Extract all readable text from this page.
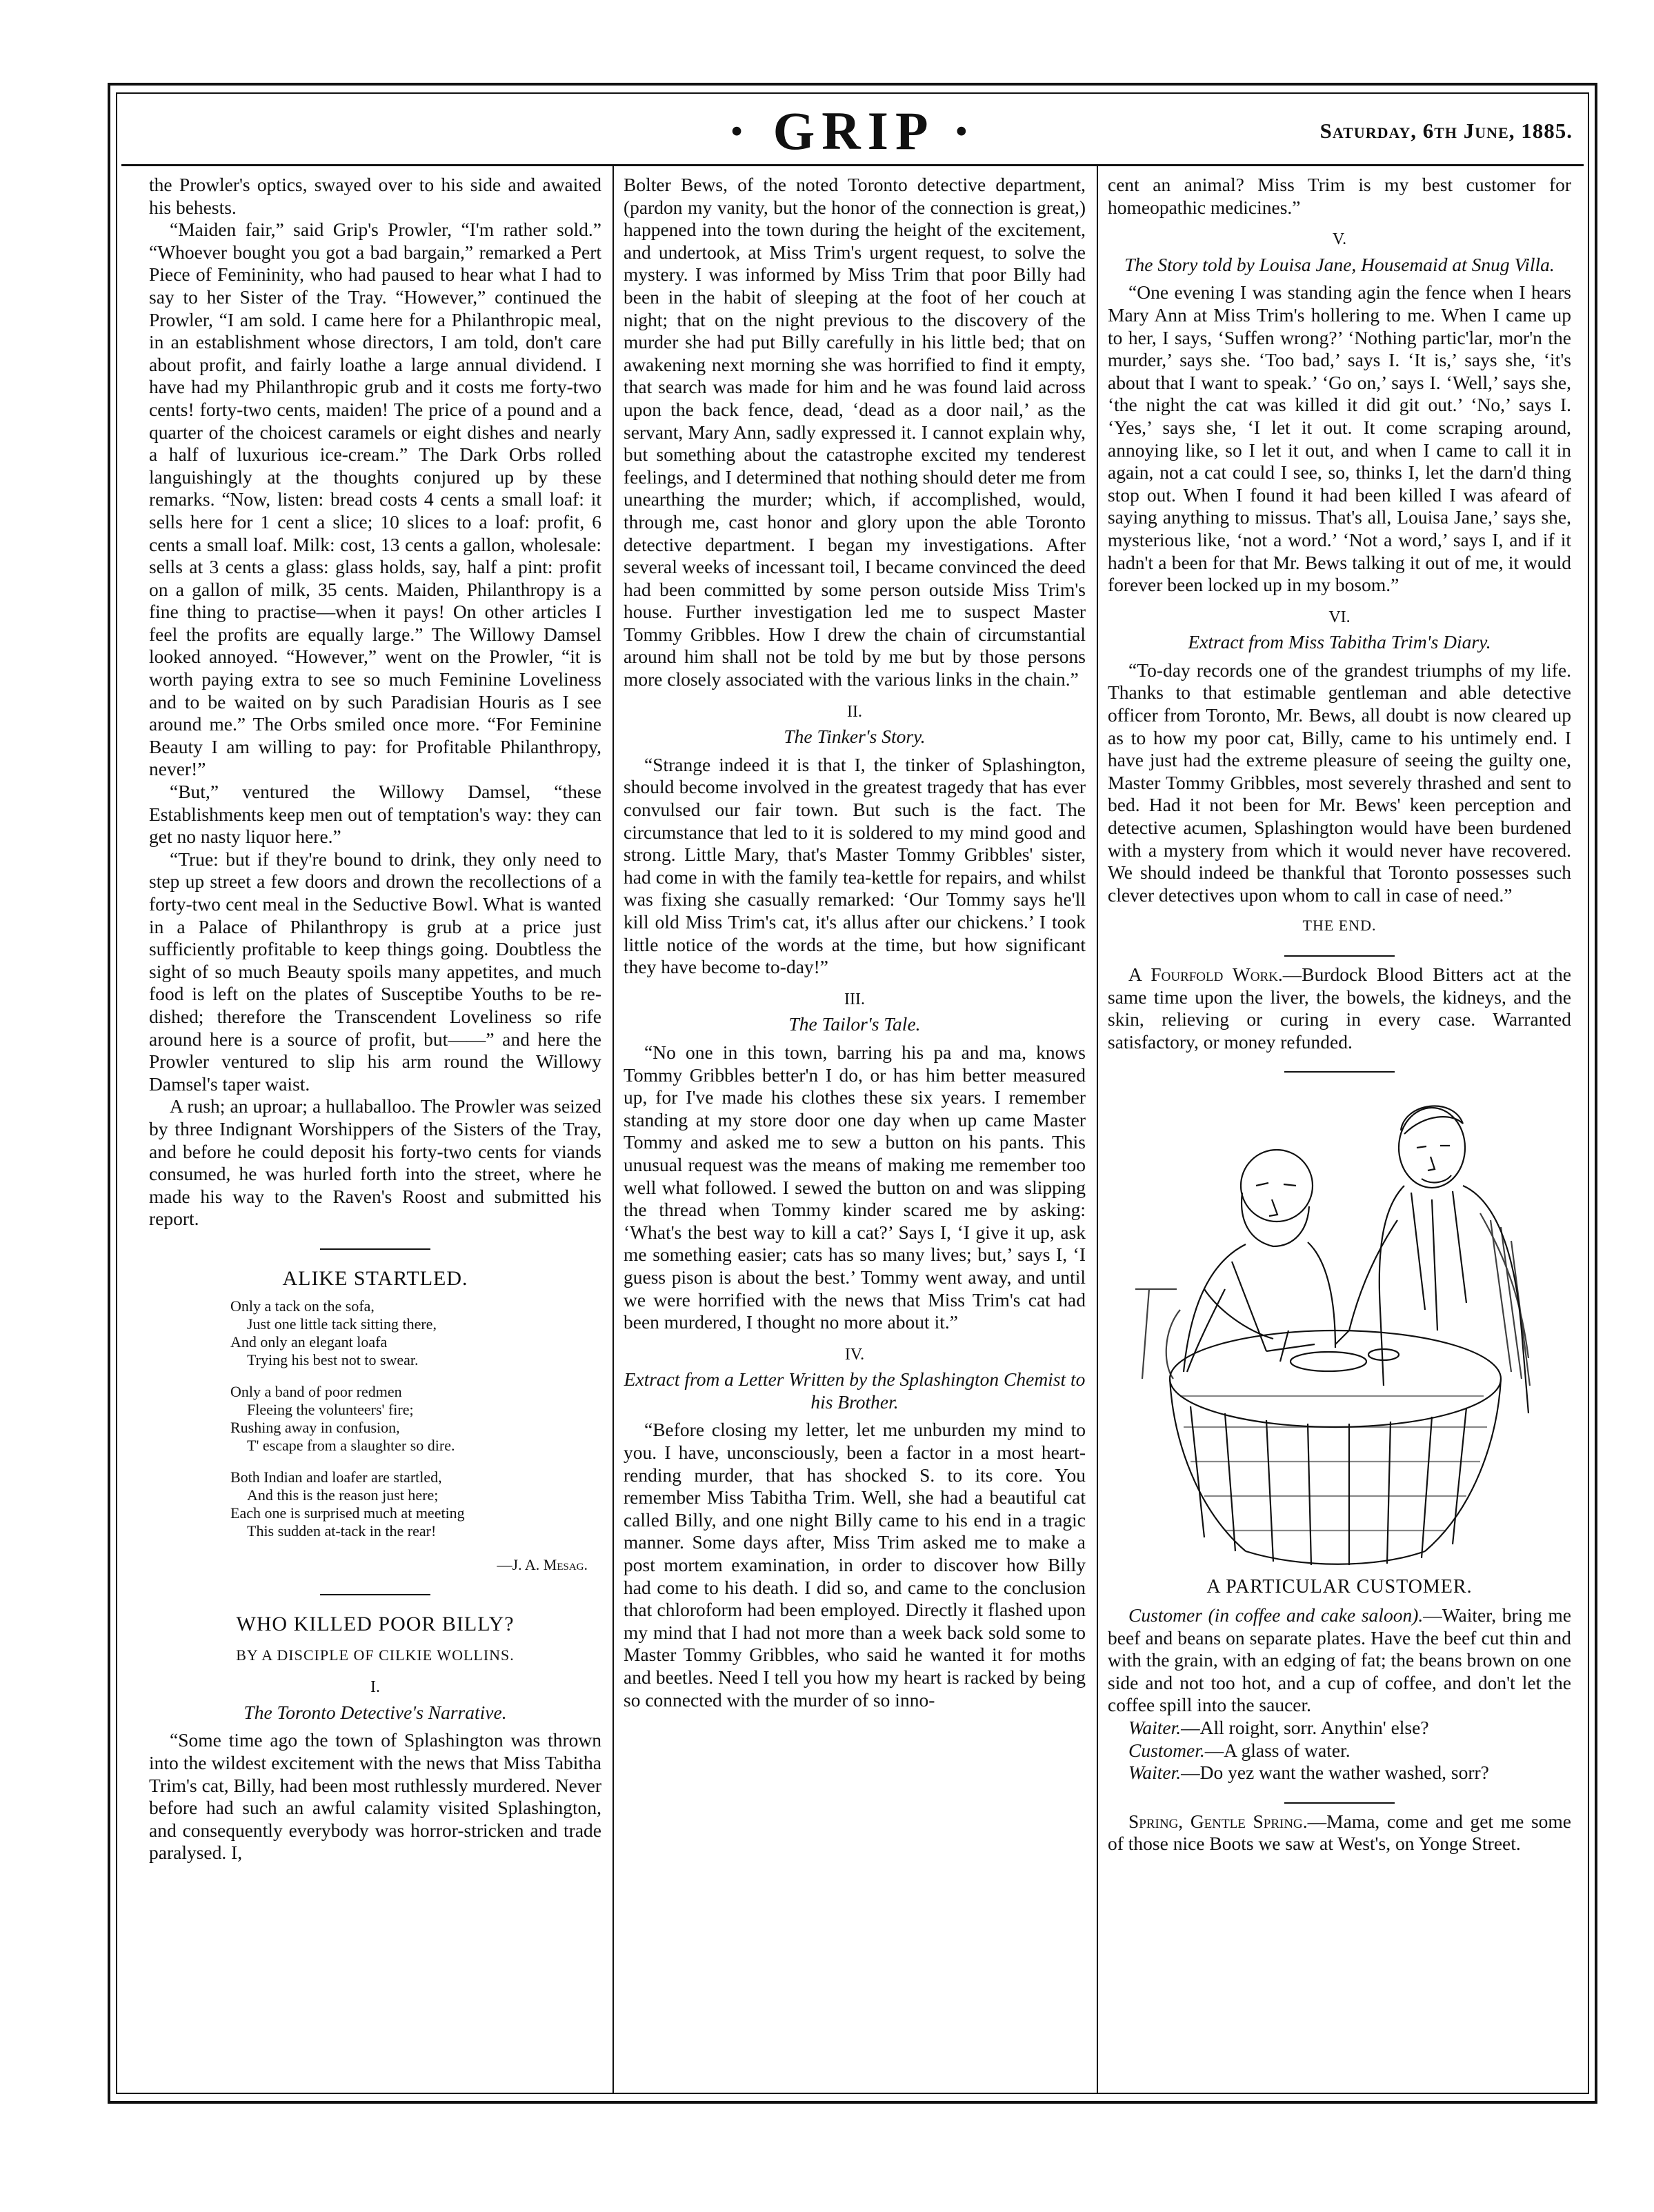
· GRIP ·	Saturday, 6th June, 1885.

the Prowler's optics, swayed over to his side and awaited his behests.

“Maiden fair,” said Grip's Prowler, “I'm rather sold.” “Whoever bought you got a bad bargain,” remarked a Pert Piece of Femininity, who had paused to hear what I had to say to her Sister of the Tray. “However,” continued the Prowler, “I am sold. I came here for a Philanthropic meal, in an establishment whose directors, I am told, don't care about profit, and fairly loathe a large annual dividend. I have had my Philanthropic grub and it costs me forty-two cents! forty-two cents, maiden! The price of a pound and a quarter of the choicest caramels or eight dishes and nearly a half of luxurious ice-cream.” The Dark Orbs rolled languishingly at the thoughts conjured up by these remarks. “Now, listen: bread costs 4 cents a small loaf: it sells here for 1 cent a slice; 10 slices to a loaf: profit, 6 cents a small loaf. Milk: cost, 13 cents a gallon, wholesale: sells at 3 cents a glass: glass holds, say, half a pint: profit on a gallon of milk, 35 cents. Maiden, Philanthropy is a fine thing to practise—when it pays! On other articles I feel the profits are equally large.” The Willowy Damsel looked annoyed. “However,” went on the Prowler, “it is worth paying extra to see so much Feminine Loveliness and to be waited on by such Paradisian Houris as I see around me.” The Orbs smiled once more. “For Feminine Beauty I am willing to pay: for Profitable Philanthropy, never!”

“But,” ventured the Willowy Damsel, “these Establishments keep men out of temptation's way: they can get no nasty liquor here.”

“True: but if they're bound to drink, they only need to step up street a few doors and drown the recollections of a forty-two cent meal in the Seductive Bowl. What is wanted in a Palace of Philanthropy is grub at a price just sufficiently profitable to keep things going. Doubtless the sight of so much Beauty spoils many appetites, and much food is left on the plates of Susceptibe Youths to be re-dished; therefore the Transcendent Loveliness so rife around here is a source of profit, but——” and here the Prowler ventured to slip his arm round the Willowy Damsel's taper waist.

A rush; an uproar; a hullaballoo. The Prowler was seized by three Indignant Worshippers of the Sisters of the Tray, and before he could deposit his forty-two cents for viands consumed, he was hurled forth into the street, where he made his way to the Raven's Roost and submitted his report.

ALIKE STARTLED.
Only a tack on the sofa,
Just one little tack sitting there,
And only an elegant loafa
Trying his best not to swear.
Only a band of poor redmen
Fleeing the volunteers' fire;
Rushing away in confusion,
T' escape from a slaughter so dire.
Both Indian and loafer are startled,
And this is the reason just here;
Each one is surprised much at meeting
This sudden at-tack in the rear!
—J. A. Mesag.
WHO KILLED POOR BILLY?
BY A DISCIPLE OF CILKIE WOLLINS.
I.
The Toronto Detective's Narrative.

“Some time ago the town of Splashington was thrown into the wildest excitement with the news that Miss Tabitha Trim's cat, Billy, had been most ruthlessly murdered. Never before had such an awful calamity visited Splashington, and consequently everybody was horror-stricken and trade paralysed. I,

Bolter Bews, of the noted Toronto detective department, (pardon my vanity, but the honor of the connection is great,) happened into the town during the height of the excitement, and undertook, at Miss Trim's urgent request, to solve the mystery. I was informed by Miss Trim that poor Billy had been in the habit of sleeping at the foot of her couch at night; that on the night previous to the discovery of the murder she had put Billy carefully in his little bed; that on awakening next morning she was horrified to find it empty, that search was made for him and he was found laid across upon the back fence, dead, ‘dead as a door nail,’ as the servant, Mary Ann, sadly expressed it. I cannot explain why, but something about the catastrophe excited my tenderest feelings, and I determined that nothing should deter me from unearthing the murder; which, if accomplished, would, through me, cast honor and glory upon the able Toronto detective department. I began my investigations. After several weeks of incessant toil, I became convinced the deed had been committed by some person outside Miss Trim's house. Further investigation led me to suspect Master Tommy Gribbles. How I drew the chain of circumstantial around him shall not be told by me but by those persons more closely associated with the various links in the chain.”

II.
The Tinker's Story.

“Strange indeed it is that I, the tinker of Splashington, should become involved in the greatest tragedy that has ever convulsed our fair town. But such is the fact. The circumstance that led to it is soldered to my mind good and strong. Little Mary, that's Master Tommy Gribbles' sister, had come in with the family tea-kettle for repairs, and whilst was fixing she casually remarked: ‘Our Tommy says he'll kill old Miss Trim's cat, it's allus after our chickens.’ I took little notice of the words at the time, but how significant they have become to-day!”

III.
The Tailor's Tale.

“No one in this town, barring his pa and ma, knows Tommy Gribbles better'n I do, or has him better measured up, for I've made his clothes these six years. I remember standing at my store door one day when up came Master Tommy and asked me to sew a button on his pants. This unusual request was the means of making me remember too well what followed. I sewed the button on and was slipping the thread when Tommy kinder scared me by asking: ‘What's the best way to kill a cat?’ Says I, ‘I give it up, ask me something easier; cats has so many lives; but,’ says I, ‘I guess pison is about the best.’ Tommy went away, and until we were horrified with the news that Miss Trim's cat had been murdered, I thought no more about it.”

IV.
Extract from a Letter Written by the Splashington Chemist to his Brother.

“Before closing my letter, let me unburden my mind to you. I have, unconsciously, been a factor in a most heart-rending murder, that has shocked S. to its core. You remember Miss Tabitha Trim. Well, she had a beautiful cat called Billy, and one night Billy came to his end in a tragic manner. Some days after, Miss Trim asked me to make a post mortem examination, in order to discover how Billy had come to his death. I did so, and came to the conclusion that chloroform had been employed. Directly it flashed upon my mind that I had not more than a week back sold some to Master Tommy Gribbles, who said he wanted it for moths and beetles. Need I tell you how my heart is racked by being so connected with the murder of so inno-

cent an animal? Miss Trim is my best customer for homeopathic medicines.”

V.
The Story told by Louisa Jane, Housemaid at Snug Villa.

“One evening I was standing agin the fence when I hears Mary Ann at Miss Trim's hollering to me. When I came up to her, I says, ‘Suffen wrong?’ ‘Nothing partic'lar, mor'n the murder,’ says she. ‘Too bad,’ says I. ‘It is,’ says she, ‘it's about that I want to speak.’ ‘Go on,’ says I. ‘Well,’ says she, ‘the night the cat was killed it did git out.’ ‘No,’ says I. ‘Yes,’ says she, ‘I let it out. It come scraping around, annoying like, so I let it out, and when I came to call it in again, not a cat could I see, so, thinks I, let the darn'd thing stop out. When I found it had been killed I was afeard of saying anything to missus. That's all, Louisa Jane,’ says she, mysterious like, ‘not a word.’ ‘Not a word,’ says I, and if it hadn't a been for that Mr. Bews talking it out of me, it would forever been locked up in my bosom.”

VI.
Extract from Miss Tabitha Trim's Diary.

“To-day records one of the grandest triumphs of my life. Thanks to that estimable gentleman and able detective officer from Toronto, Mr. Bews, all doubt is now cleared up as to how my poor cat, Billy, came to his untimely end. I have just had the extreme pleasure of seeing the guilty one, Master Tommy Gribbles, most severely thrashed and sent to bed. Had it not been for Mr. Bews' keen perception and detective acumen, Splashington would have been burdened with a mystery from which it would never have recovered. We should indeed be thankful that Toronto possesses such clever detectives upon whom to call in case of need.”

THE END.

A Fourfold Work.—Burdock Blood Bitters act at the same time upon the liver, the bowels, the kidneys, and the skin, relieving or curing in every case. Warranted satisfactory, or money refunded.

A PARTICULAR CUSTOMER.

Customer (in coffee and cake saloon).—Waiter, bring me beef and beans on separate plates. Have the beef cut thin and with the grain, with an edging of fat; the beans brown on one side and not too hot, and a cup of coffee, and don't let the coffee spill into the saucer.

Waiter.—All roight, sorr. Anythin' else?

Customer.—A glass of water.

Waiter.—Do yez want the wather washed, sorr?

Spring, Gentle Spring.—Mama, come and get me some of those nice Boots we saw at West's, on Yonge Street.
